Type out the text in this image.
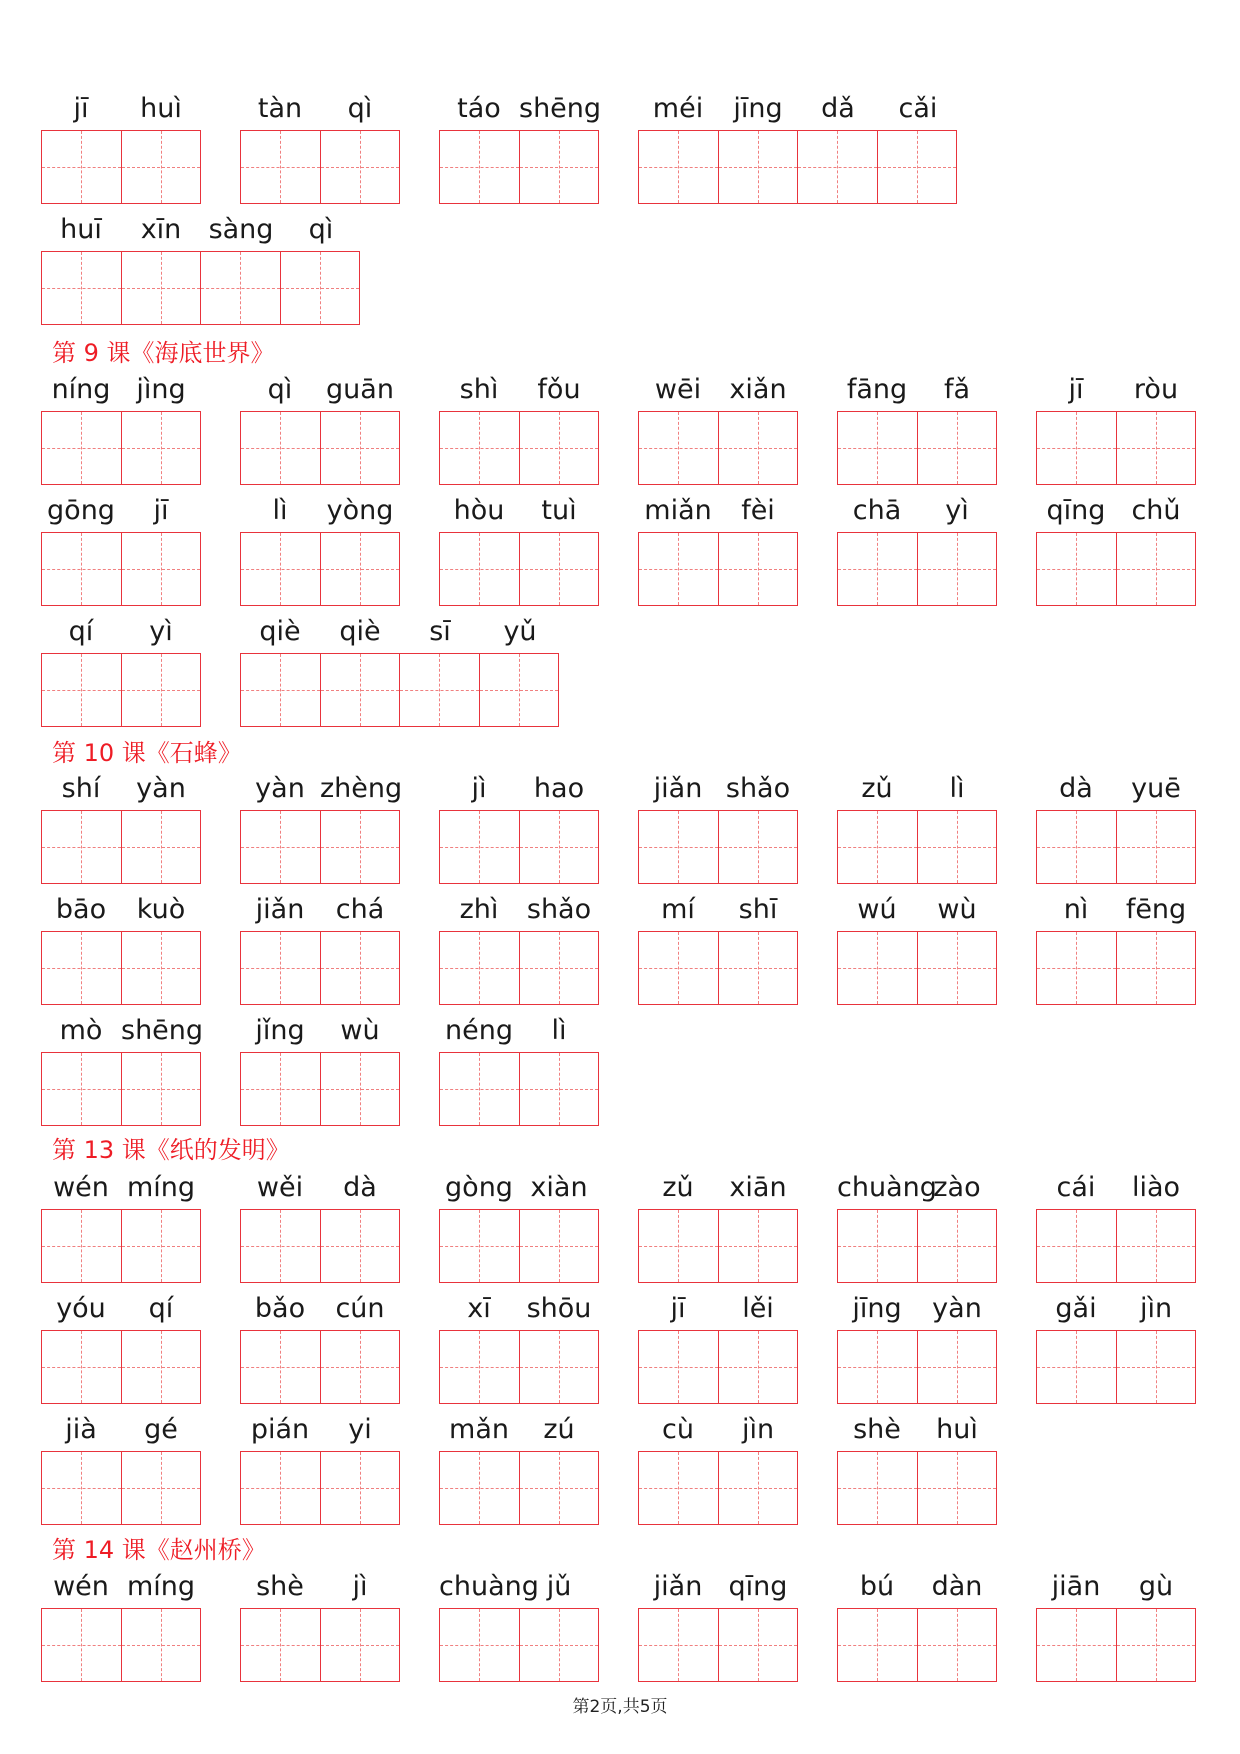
jī	huì	tàn	qì	táo shēng	méi	jīng	dǎ	cǎi
huī	xīn	sàng	qì
níng jìng	qì	guān	shì	fǒu	wēi	xiǎn	fāng	fǎ	jī	ròu
gōng	jī	lì	yòng	hòu	tuì	miǎn	fèi	chā	yì	qīng chǔ
qí	yì	qiè	qiè	sī	yǔ
shí	yàn	yàn zhèng	jì	hao	jiǎn shǎo	zǔ	lì	dà	yuē
bāo	kuò	jiǎn	chá	zhì	shǎo	mí	shī	wú	wù	nì	fēng
mò shēng	jǐng	wù	néng	lì
wén míng	wěi	dà	gòng xiàn	zǔ	xiān	chuàng
zào	cái	liào
yóu	qí	bǎo	cún	xī	shōu	jī	lěi	jīng	yàn	gǎi	jìn
jià	gé	pián	yi	mǎn	zú	cù	jìn	shè	huì
wén míng	shè	jì	chuàng jǔ	jiǎn qīng	bú	dàn	jiān	gù
第 9 课《海底世界》
第 10 课《石蜂》
第 13 课《纸的发明》
第 14 课《赵州桥》
第2页,共5页
